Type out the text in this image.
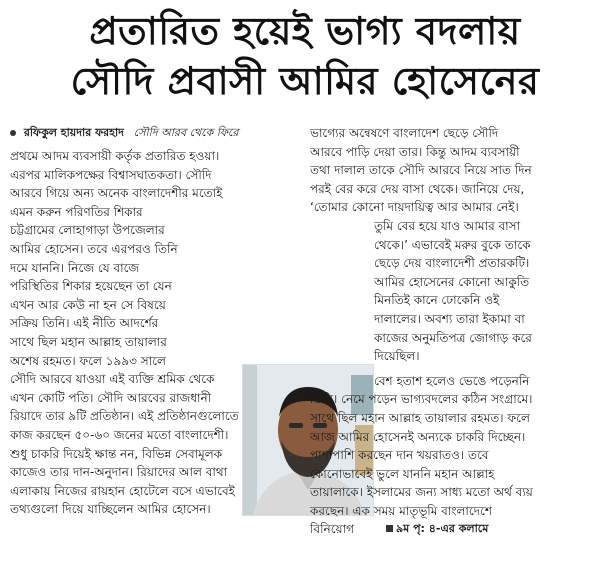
প্রতারিত হয়েই ভাগ্য বদলায়
সৌদি প্রবাসী আমির হোসেনের
রফিকুল হায়দার ফরহাদ সৌদি আরব থেকে ফিরে

প্রথমে আদম ব্যবসায়ী কর্তৃক প্রতারিত হওয়া।
এরপর মালিকপক্ষের বিশ্বাসঘাতকতা। সৌদি
আরবে গিয়ে অন্য অনেক বাংলাদেশীর মতোই
এমন করুন পরিণতির শিকার
চট্টগ্রামের লোহাগাড়া উপজেলার
আমির হোসেন। তবে এরপরও তিনি
দমে যাননি। নিজে যে বাজে
পরিস্থিতির শিকার হয়েছেন তা যেন
এখন আর কেউ না হন সে বিষয়ে
সক্রিয় তিনি। এই নীতি আদর্শের
সাথে ছিল মহান আল্লাহ তায়ালার
অশেষ রহমত। ফলে ১৯৯৩ সালে
সৌদি আরবে যাওয়া এই ব্যক্তি শ্রমিক থেকে
এখন কোটি পতি। সৌদি আরবের রাজধানী
রিয়াদে তার ৯টি প্রতিষ্ঠান। এই প্রতিষ্ঠানগুলোতে
কাজ করছেন ৫০-৬০ জনের মতো বাংলাদেশী।
শুধু চাকরি দিয়েই ক্ষান্ত নন, বিভিন্ন সেবামূলক
কাজেও তার দান-অনুদান। রিয়াদের আল বাথা
এলাকায় নিজের রায়হান হোটেলে বসে এভাবেই
তথ্যগুলো দিয়ে যাচ্ছিলেন আমির হোসেন।

ভাগ্যের অন্বেষণে বাংলাদেশ ছেড়ে সৌদি
আরবে পাড়ি দেয়া তার। কিন্তু আদম ব্যবসায়ী
তথা দালাল তাকে সৌদি আরবে নিয়ে সাত দিন
পরই বের করে দেয় বাসা থেকে। জানিয়ে দেয়,
‘তোমার কোনো দায়দায়িত্ব আর আমার নেই।
তুমি বের হয়ে যাও আমার বাসা
থেকে।’ এভাবেই মরুর বুকে তাকে
ছেড়ে দেয় বাংলাদেশী প্রতারকটি।
আমির হোসেনের কোনো আকুতি
মিনতিই কানে ঢোকেনি ওই
দালালের। অবশ্য তারা ইকামা বা
কাজের অনুমতিপত্র জোগাড় করে
দিয়েছিল।

বেশ হতাশ হলেও ভেঙে পড়েননি
তিনি। নেমে পড়েন ভাগ্যবদলের কঠিন সংগ্রামে।
সাথে ছিল মহান আল্লাহ তায়ালার রহমত। ফলে
আজ আমির হোসেনই অন্যকে চাকরি দিচ্ছেন।
পাশাপাশি করছেন দান খয়রাতও। তবে
কোনোভাবেই ভুলে যাননি মহান আল্লাহ
তায়ালাকে। ইসলামের জন্য সাধ্য মতো অর্থ ব্যয়
করছেন। এক সময় মাতৃভূমি বাংলাদেশে
বিনিয়োগ	৯ম পৃ: ৪-এর কলামে
